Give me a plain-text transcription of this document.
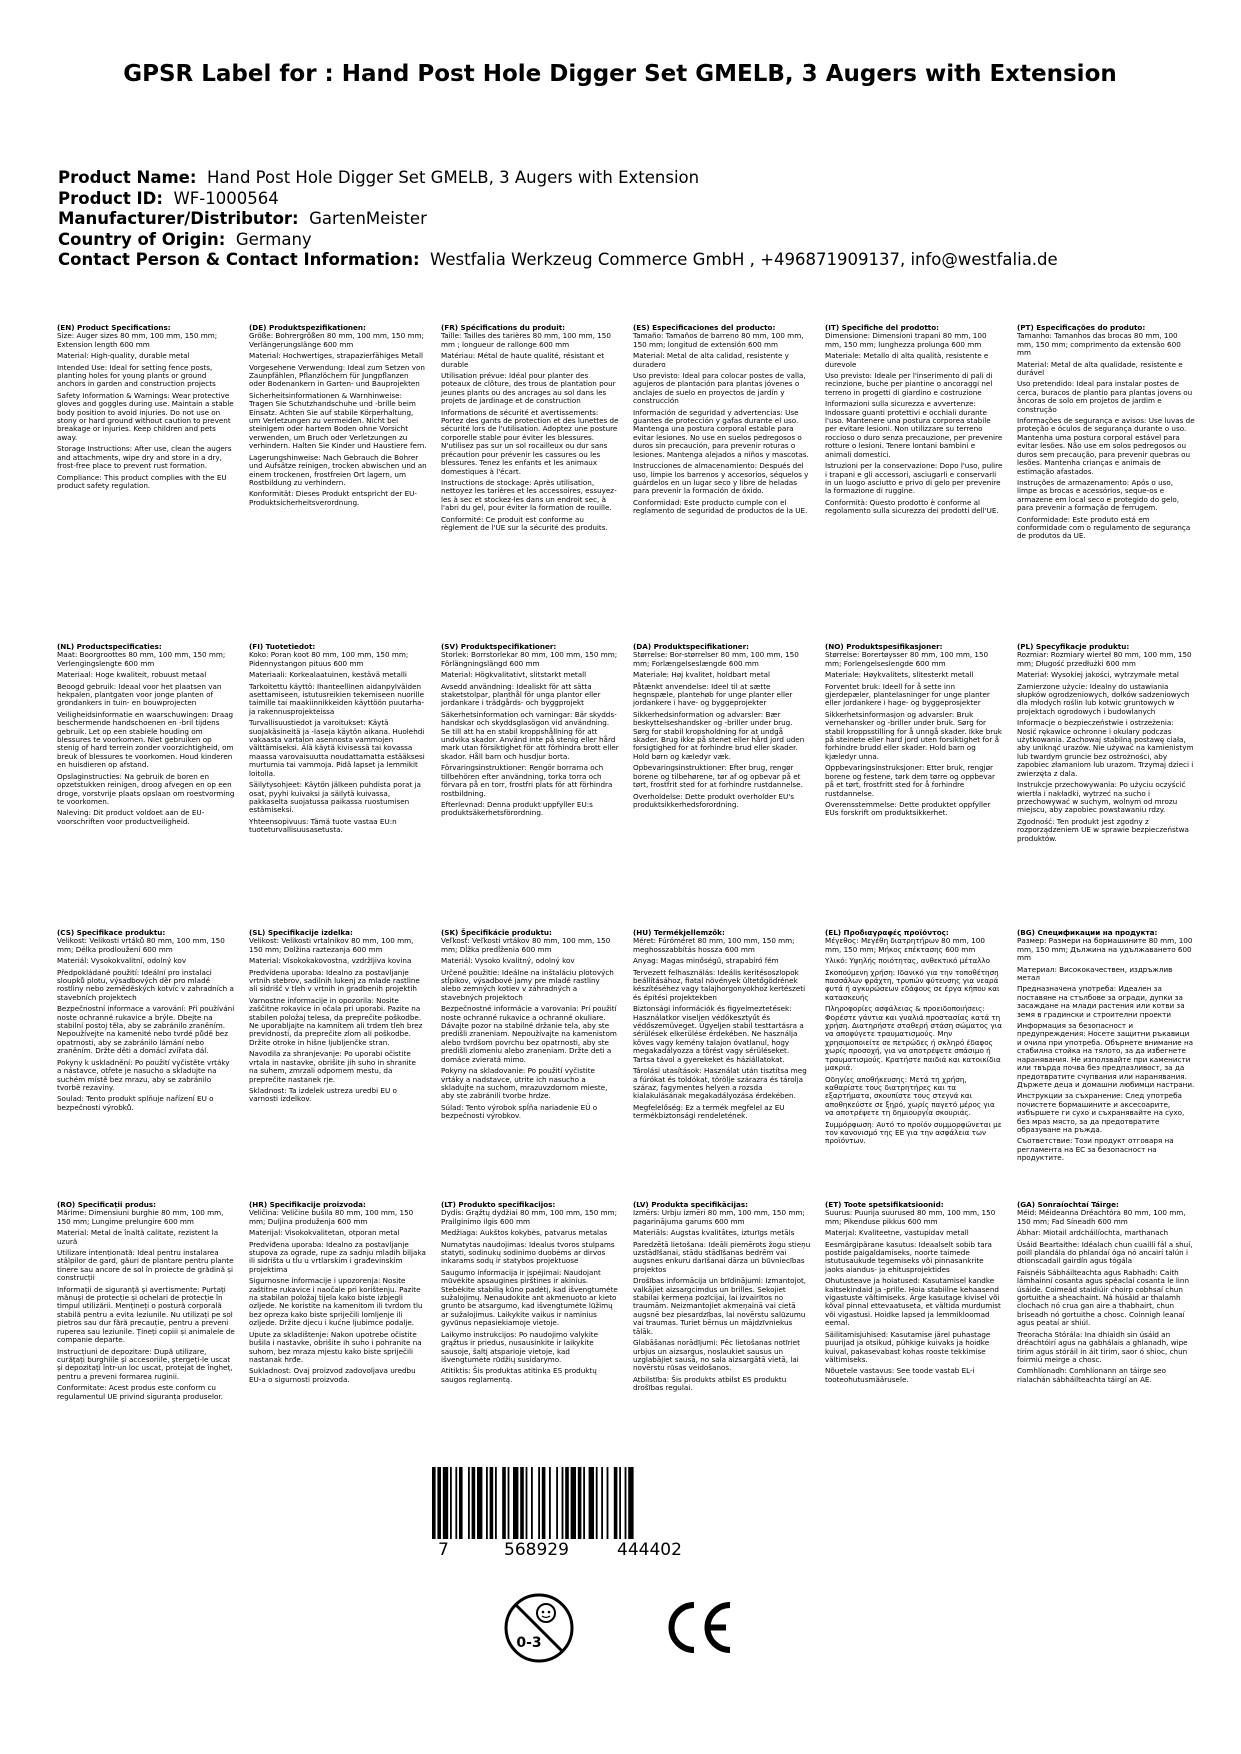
GPSR Label for : Hand Post Hole Digger Set GMELB, 3 Augers with Extension
Product Name: Hand Post Hole Digger Set GMELB, 3 Augers with Extension
Product ID: WF-1000564
Manufacturer/Distributor: GartenMeister
Country of Origin: Germany
Contact Person & Contact Information: Westfalia Werkzeug Commerce GmbH , +496871909137, info@westfalia.de
(EN) Product Specifications:

Size: Auger sizes 80 mm, 100 mm, 150 mm; Extension length 600 mm

Material: High-quality, durable metal

Intended Use: Ideal for setting fence posts, planting holes for young plants or ground anchors in garden and construction projects

Safety Information & Warnings: Wear protective gloves and goggles during use. Maintain a stable body position to avoid injuries. Do not use on stony or hard ground without caution to prevent breakage or injuries. Keep children and pets away.

Storage Instructions: After use, clean the augers and attachments, wipe dry and store in a dry, frost-free place to prevent rust formation.

Compliance: This product complies with the EU product safety regulation.

(DE) Produktspezifikationen:

Größe: Bohrergrößen 80 mm, 100 mm, 150 mm; Verlängerungslänge 600 mm

Material: Hochwertiges, strapazierfähiges Metall

Vorgesehene Verwendung: Ideal zum Setzen von Zaunpfählen, Pflanzlöchern für Jungpflanzen oder Bodenankern in Garten- und Bauprojekten

Sicherheitsinformationen & Warnhinweise: Tragen Sie Schutzhandschuhe und -brille beim Einsatz. Achten Sie auf stabile Körperhaltung, um Verletzungen zu vermeiden. Nicht bei steinigem oder hartem Boden ohne Vorsicht verwenden, um Bruch oder Verletzungen zu verhindern. Halten Sie Kinder und Haustiere fern.

Lagerungshinweise: Nach Gebrauch die Bohrer und Aufsätze reinigen, trocken abwischen und an einem trockenen, frostfreien Ort lagern, um Rostbildung zu verhindern.

Konformität: Dieses Produkt entspricht der EU-Produktsicherheitsverordnung.

(FR) Spécifications du produit:

Taille: Tailles des tarières 80 mm, 100 mm, 150 mm ; longueur de rallonge 600 mm

Matériau: Métal de haute qualité, résistant et durable

Utilisation prévue: Idéal pour planter des poteaux de clôture, des trous de plantation pour jeunes plants ou des ancrages au sol dans les projets de jardinage et de construction

Informations de sécurité et avertissements: Portez des gants de protection et des lunettes de sécurité lors de l'utilisation. Adoptez une posture corporelle stable pour éviter les blessures. N'utilisez pas sur un sol rocailleux ou dur sans précaution pour prévenir les cassures ou les blessures. Tenez les enfants et les animaux domestiques à l'écart.

Instructions de stockage: Après utilisation, nettoyez les tarières et les accessoires, essuyez-les à sec et stockez-les dans un endroit sec, à l'abri du gel, pour éviter la formation de rouille.

Conformité: Ce produit est conforme au règlement de l'UE sur la sécurité des produits.

(ES) Especificaciones del producto:

Tamaño: Tamaños de barreno 80 mm, 100 mm, 150 mm; longitud de extensión 600 mm

Material: Metal de alta calidad, resistente y duradero

Uso previsto: Ideal para colocar postes de valla, agujeros de plantación para plantas jóvenes o anclajes de suelo en proyectos de jardín y construcción

Información de seguridad y advertencias: Use guantes de protección y gafas durante el uso. Mantenga una postura corporal estable para evitar lesiones. No use en suelos pedregosos o duros sin precaución, para prevenir roturas o lesiones. Mantenga alejados a niños y mascotas.

Instrucciones de almacenamiento: Después del uso, limpie los barrenos y accesorios, séquelos y guárdelos en un lugar seco y libre de heladas para prevenir la formación de óxido.

Conformidad: Este producto cumple con el reglamento de seguridad de productos de la UE.

(IT) Specifiche del prodotto:

Dimensione: Dimensioni trapani 80 mm, 100 mm, 150 mm; lunghezza prolunga 600 mm

Materiale: Metallo di alta qualità, resistente e durevole

Uso previsto: Ideale per l'inserimento di pali di recinzione, buche per piantine o ancoraggi nel terreno in progetti di giardino e costruzione

Informazioni sulla sicurezza e avvertenze: Indossare guanti protettivi e occhiali durante l'uso. Mantenere una postura corporea stabile per evitare lesioni. Non utilizzare su terreno roccioso o duro senza precauzione, per prevenire rotture o lesioni. Tenere lontani bambini e animali domestici.

Istruzioni per la conservazione: Dopo l'uso, pulire i trapani e gli accessori, asciugarli e conservarli in un luogo asciutto e privo di gelo per prevenire la formazione di ruggine.

Conformità: Questo prodotto è conforme al regolamento sulla sicurezza dei prodotti dell'UE.

(PT) Especificações do produto:

Tamanho: Tamanhos das brocas 80 mm, 100 mm, 150 mm; comprimento da extensão 600 mm

Material: Metal de alta qualidade, resistente e durável

Uso pretendido: Ideal para instalar postes de cerca, buracos de plantio para plantas jovens ou âncoras de solo em projetos de jardim e construção

Informações de segurança e avisos: Use luvas de proteção e óculos de segurança durante o uso. Mantenha uma postura corporal estável para evitar lesões. Não use em solos pedregosos ou duros sem precaução, para prevenir quebras ou lesões. Mantenha crianças e animais de estimação afastados.

Instruções de armazenamento: Após o uso, limpe as brocas e acessórios, seque-os e armazene em local seco e protegido do gelo, para prevenir a formação de ferrugem.

Conformidade: Este produto está em conformidade com o regulamento de segurança de produtos da UE.

(NL) Productspecificaties:

Maat: Boorgroottes 80 mm, 100 mm, 150 mm; Verlengingslengte 600 mm

Materiaal: Hoge kwaliteit, robuust metaal

Beoogd gebruik: Ideaal voor het plaatsen van hekpalen, plantgaten voor jonge planten of grondankers in tuin- en bouwprojecten

Veiligheidsinformatie en waarschuwingen: Draag beschermende handschoenen en -bril tijdens gebruik. Let op een stabiele houding om blessures te voorkomen. Niet gebruiken op stenig of hard terrein zonder voorzichtigheid, om breuk of blessures te voorkomen. Houd kinderen en huisdieren op afstand.

Opslaginstructies: Na gebruik de boren en opzetstukken reinigen, droog afvegen en op een droge, vorstvrije plaats opslaan om roestvorming te voorkomen.

Naleving: Dit product voldoet aan de EU-voorschriften voor productveiligheid.

(FI) Tuotetiedot:

Koko: Poran koot 80 mm, 100 mm, 150 mm; Pidennystangon pituus 600 mm

Materiaali: Korkealaatuinen, kestävä metalli

Tarkoitettu käyttö: Ihanteellinen aidanpylväiden asettamiseen, istutusreikien tekemiseen nuorille taimille tai maakiinnikkeiden käyttöön puutarha- ja rakennusprojekteissa

Turvallisuustiedot ja varoitukset: Käytä suojakäsineitä ja -laseja käytön aikana. Huolehdi vakaasta vartalon asennosta vammojen välttämiseksi. Älä käytä kivisessä tai kovassa maassa varovaisuutta noudattamatta estääksesi murtumia tai vammoja. Pidä lapset ja lemmikit loitolla.

Säilytysohjeet: Käytön jälkeen puhdista porat ja osat, pyyhi kuivaksi ja säilytä kuivassa, pakkaselta suojatussa paikassa ruostumisen estämiseksi.

Yhteensopivuus: Tämä tuote vastaa EU:n tuoteturvallisuusasetusta.

(SV) Produktspecifikationer:

Storlek: Borrstorlekar 80 mm, 100 mm, 150 mm; Förlängningslängd 600 mm

Material: Högkvalitativt, slitstarkt metall

Avsedd användning: Idealiskt för att sätta staketstolpar, planthål för unga plantor eller jordankare i trädgårds- och byggprojekt

Säkerhetsinformation och varningar: Bär skydds-handskar och skyddsglasögon vid användning. Se till att ha en stabil kroppshållning för att undvika skador. Använd inte på stenig eller hård mark utan försiktighet för att förhindra brott eller skador. Håll barn och husdjur borta.

Förvaringsinstruktioner: Rengör borrarna och tillbehören efter användning, torka torra och förvara på en torr, frostfri plats för att förhindra rostbildning.

Efterlevnad: Denna produkt uppfyller EU:s produktsäkerhetsförordning.

(DA) Produktspecifikationer:

Størrelse: Bor-størrelser 80 mm, 100 mm, 150 mm; Forlængelseslængde 600 mm

Materiale: Høj kvalitet, holdbart metal

Påtænkt anvendelse: Ideel til at sætte hegnspæle, plantehøb for unge planter eller jordankere i have- og byggeprojekter

Sikkerhedsinformation og advarsler: Bær beskyttelseshandsker og -briller under brug. Sørg for stabil kropsholdning for at undgå skader. Brug ikke på stenet eller hård jord uden forsigtighed for at forhindre brud eller skader. Hold børn og kæledyr væk.

Opbevaringsinstruktioner: Efter brug, rengør borene og tilbehørene, tør af og opbevar på et tørt, frostfrit sted for at forhindre rustdannelse.

Overholdelse: Dette produkt overholder EU's produktsikkerhedsforordning.

(NO) Produktspesifikasjoner:

Størrelse: Borertøysser 80 mm, 100 mm, 150 mm; Forlengelseslengde 600 mm

Materiale: Høykvalitets, slitesterkt metall

Forventet bruk: Ideell for å sette inn gjerdepæler, plantelasninger for unge planter eller jordankere i hage- og byggeprosjekter

Sikkerhetsinformasjon og advarsler: Bruk vernehansker og -briller under bruk. Sørg for stabil kroppsstilling for å unngå skader. Ikke bruk på steinete eller hard jord uten forsiktighet for å forhindre brudd eller skader. Hold barn og kjæledyr unna.

Oppbevaringsinstruksjoner: Etter bruk, rengjør borene og festene, tørk dem tørre og oppbevar på et tørt, frostfritt sted for å forhindre rustdannelse.

Overensstemmelse: Dette produktet oppfyller EUs forskrift om produktsikkerhet.

(PL) Specyfikacje produktu:

Rozmiar: Rozmiary wierteł 80 mm, 100 mm, 150 mm; Długość przedłużki 600 mm

Materiał: Wysokiej jakości, wytrzymałe metal

Zamierzone użycie: Idealny do ustawiania słupków ogrodzeniowych, dołków sadzeniowych dla młodych roślin lub kotwic gruntowych w projektach ogrodowych i budowlanych

Informacje o bezpieczeństwie i ostrzeżenia: Nosić rękawice ochronne i okulary podczas użytkowania. Zachowaj stabilną postawę ciała, aby uniknąć urazów. Nie używać na kamienistym lub twardym gruncie bez ostrożności, aby zapobiec złamaniom lub urazom. Trzymaj dzieci i zwierzęta z dala.

Instrukcje przechowywania: Po użyciu oczyścić wiertła i nakładki, wytrzeć na sucho i przechowywać w suchym, wolnym od mrozu miejscu, aby zapobiec powstawaniu rdzy.

Zgodność: Ten produkt jest zgodny z rozporządzeniem UE w sprawie bezpieczeństwa produktów.

(CS) Specifikace produktu:

Velikost: Velikosti vrtáků 80 mm, 100 mm, 150 mm; Délka prodloužení 600 mm

Materiál: Vysokokvalitní, odolný kov

Předpokládané použití: Ideální pro instalaci sloupků plotu, výsadbových děr pro mladé rostliny nebo zeměděských kotvíc v zahradních a stavebních projektech

Bezpečnostní informace a varování: Při používání noste ochranné rukavice a brýle. Dbejte na stabilní postoj těla, aby se zabránilo zraněním. Nepoužívejte na kamenité nebo tvrdé půdě bez opatrnosti, aby se zabránilo lámání nebo zraněním. Držte děti a domácí zvířata dál.

Pokyny k uskladnění: Po použití vyčistěte vrtáky a nástavce, otřete je nasucho a skladujte na suchém místě bez mrazu, aby se zabránilo tvorbě rezaviny.

Soulad: Tento produkt splňuje nařízení EU o bezpečnosti výrobků.

(SL) Specifikacije izdelka:

Velikost: Velikosti vrtalnikov 80 mm, 100 mm, 150 mm; Dolžina raztezanja 600 mm

Material: Visokokakovostna, vzdržljiva kovina

Predvidena uporaba: Idealno za postavljanje vrtnih stebrov, sadilnih lukenj za mlade rastline ali sidrišč v tleh v vrtnih in gradbenih projektih

Varnostne informacije in opozorila: Nosite zaščitne rokavice in očala pri uporabi. Pazite na stabilen položaj telesa, da preprečite poškodbe. Ne uporabljajte na kamnitem ali trdem tleh brez previdnosti, da preprečite zlom ali poškodbe. Držite otroke in hišne ljubljenčke stran.

Navodila za shranjevanje: Po uporabi očistite vrtala in nastavke, obrišite jih suho in shranite na suhem, zmrzali odpornem mestu, da preprečite nastanek rje.

Skladnost: Ta izdelek ustreza uredbi EU o varnosti izdelkov.

(SK) Špecifikácie produktu:

Veľkosť: Veľkosti vrtákov 80 mm, 100 mm, 150 mm; Dĺžka predĺženia 600 mm

Materiál: Vysoko kvalitný, odolný kov

Určené použitie: Ideálne na inštaláciu plotových stĺpikov, výsadbové jamy pre mladé rastliny alebo zemných kotiev v záhradných a stavebných projektoch

Bezpečnostné informácie a varovania: Pri použití noste ochranné rukavice a ochranné okuliare. Dávajte pozor na stabilné držanie tela, aby ste predišli zraneniam. Nepoužívajte na kamenistom alebo tvrdšom povrchu bez opatrnosti, aby ste predišli zlomeniu alebo zraneniam. Držte deti a domáce zvieratá mimo.

Pokyny na skladovanie: Po použití vyčistite vrtáky a nadstavce, utrite ich nasucho a skladujte na suchom, mrazuvzdornom mieste, aby ste zabránili tvorbe hrdze.

Súlad: Tento výrobok spĺňa nariadenie EÚ o bezpečnosti výrobkov.

(HU) Termékjellemzők:

Méret: Fúróméret 80 mm, 100 mm, 150 mm; meghosszabbítás hossza 600 mm

Anyag: Magas minőségű, strapabíró fém

Tervezett felhasználás: Ideális kerítésoszlopok beállításához, fiatal növények ültetőgödrének készítéséhez vagy talajhorgonyokhoz kertészeti és építési projektekben

Biztonsági információk és figyelmeztetések: Használatkor viseljen védőkesztyűt és védőszemüveget. Ügyeljen stabil testtartásra a sérülések elkerülése érdekében. Ne használja köves vagy kemény talajon óvatlanul, hogy megakadályozza a törést vagy sérüléseket. Tartsa távol a gyerekeket és háziállatokat.

Tárolási utasítások: Használat után tisztítsa meg a fúrókat és toldókat, törölje szárazra és tárolja száraz, fagymentes helyen a rozsda kialakulásának megakadályozása érdekében.

Megfelelőség: Ez a termék megfelel az EU termékbiztonsági rendeletének.

(EL) Προδιαγραφές προϊόντος:

Μέγεθος: Μεγέθη διατρητήρων 80 mm, 100 mm, 150 mm; Μήκος επέκτασης 600 mm

Υλικό: Υψηλής ποιότητας, ανθεκτικό μέταλλο

Σκοπούμενη χρήση: Ιδανικό για την τοποθέτηση πασσάλων φράχτη, τρυπών φύτευσης για νεαρά φυτά ή αγκυρώσεων εδάφους σε έργα κήπου και κατασκευής

Πληροφορίες ασφάλειας & προειδοποιήσεις: Φορέστε γάντια και γυαλιά προστασίας κατά τη χρήση. Διατηρήστε σταθερή στάση σώματος για να αποφύγετε τραυματισμούς. Μην χρησιμοποιείτε σε πετρώδες ή σκληρό έδαφος χωρίς προσοχή, για να αποτρέψετε σπάσιμο ή τραυματισμούς. Κρατήστε παιδιά και κατοικίδια μακριά.

Οδηγίες αποθήκευσης: Μετά τη χρήση, καθαρίστε τους διατρητήρες και τα εξαρτήματα, σκουπίστε τους στεγνά και αποθηκεύστε σε ξηρό, χωρίς παγετό μέρος για να αποτρέψετε τη δημιουργία σκουριάς.

Συμμόρφωση: Αυτό το προϊόν συμμορφώνεται με τον κανονισμό της ΕΕ για την ασφάλεια των προϊόντων.

(BG) Спецификации на продукта:

Размер: Размери на бормашините 80 mm, 100 mm, 150 mm; Дължина на удължаването 600 mm

Материал: Висококачествен, издръжлив метал

Предназначена употреба: Идеален за поставяне на стълбове за огради, дупки за засаждане на млади растения или котви за земя в градински и строителни проекти

Информация за безопасност и предупреждения: Носете защитни ръкавици и очила при употреба. Обърнете внимание на стабилна стойка на тялото, за да избегнете наранявания. Не използвайте при каменисти или твърда почва без предпазливост, за да предотвратите счупвания или наранявания. Държете деца и домашни любимци настрани.

Инструкции за съхранение: След употреба почистете бормашините и аксесоарите, избършете ги сухо и съхранявайте на сухо, без мраз място, за да предотвратите образуване на ръжда.

Съответствие: Този продукт отговаря на регламента на ЕС за безопасност на продуктите.

(RO) Specificații produs:

Mărime: Dimensiuni burghie 80 mm, 100 mm, 150 mm; Lungime prelungire 600 mm

Material: Metal de înaltă calitate, rezistent la uzură

Utilizare intenționată: Ideal pentru instalarea stâlpilor de gard, găuri de plantare pentru plante tinere sau ancore de sol în proiecte de grădină și construcții

Informații de siguranță și avertismente: Purtați mănuși de protecție și ochelari de protecție în timpul utilizării. Mențineți o postură corporală stabilă pentru a evita leziunile. Nu utilizați pe sol pietros sau dur fără precauție, pentru a preveni ruperea sau leziunile. Țineți copiii și animalele de companie departe.

Instrucțiuni de depozitare: După utilizare, curățați burghiile și accesoriile, ștergeți-le uscat și depozitați într-un loc uscat, protejat de îngheț, pentru a preveni formarea ruginii.

Conformitate: Acest produs este conform cu regulamentul UE privind siguranța produselor.

(HR) Specifikacije proizvoda:

Veličina: Veličine bušila 80 mm, 100 mm, 150 mm; Duljina produženja 600 mm

Materijal: Visokokvalitetan, otporan metal

Predviđena uporaba: Idealno za postavljanje stupova za ograde, rupe za sadnju mladih biljaka ili sidrišta u tlu u vrtlarskim i građevinskim projektima

Sigurnosne informacije i upozorenja: Nosite zaštitne rukavice i naočale pri korištenju. Pazite na stabilan položaj tijela kako biste izbjegli ozljede. Ne koristite na kamenitom ili tvrdom tlu bez opreza kako biste spriječili lomljenje ili ozljede. Držite djecu i kućne ljubimce podalje.

Upute za skladištenje: Nakon upotrebe očistite bušila i nastavke, obrišite ih suho i pohranite na suhom, bez mraza mjestu kako biste spriječili nastanak hrđe.

Sukladnost: Ovaj proizvod zadovoljava uredbu EU-a o sigurnosti proizvoda.

(LT) Produkto specifikacijos:

Dydis: Grąžtų dydžiai 80 mm, 100 mm, 150 mm; Prailginimo ilgis 600 mm

Medžiaga: Aukštos kokybės, patvarus metalas

Numatytas naudojimas: Idealus tvoros stulpams statyti, sodinukų sodinimo duobėms ar dirvos inkarams sodų ir statybos projektuose

Saugumo informacija ir įspėjimai: Naudojant mūvėkite apsaugines pirštines ir akinius. Stebėkite stabilią kūno padėtį, kad išvengtumėte sužalojimų. Nenaudokite ant akmenuoto ar kieto grunto be atsargumo, kad išvengtumėte lūžimų ar sužalojimus. Laikykite vaikus ir naminius gyvūnus nepasiekiamoje vietoje.

Laikymo instrukcijos: Po naudojimo valykite grąžtus ir priedus, nusausinkite ir laikykite sausoje, šaltį atsparioje vietoje, kad išvengtumėte rūdžių susidarymo.

Atitiktis: Šis produktas atitinka ES produktų saugos reglamentą.

(LV) Produkta specifikācijas:

Izmērs: Urbju izmēri 80 mm, 100 mm, 150 mm; pagarinājuma garums 600 mm

Materiāls: Augstas kvalitātes, izturīgs metāls

Paredzētā lietošana: Ideāli piemērots žogu stieņu uzstādīšanai, stādu stādīšanas bedrēm vai augsnes enkuru darīšanai dārza un būvniecības projektos

Drošības informācija un brīdinājumi: Izmantojot, valkājiet aizsargcimdus un brilles. Sekojiet stabilai ķermeņa pozīcijai, lai izvairītos no traumām. Neizmantojiet akmeņainā vai cietā augsnē bez piesardzības, lai novērstu salūzumu vai traumas. Turiet bērnus un mājdzīvniekus tālāk.

Glabāšanas norādījumi: Pēc lietošanas notīriet urbjus un aizsargus, noslaukiet sausus un uzglabājiet sausā, no sala aizsargātā vietā, lai novērstu rūsas veidošanos.

Atbilstība: Šis produkts atbilst ES produktu drošības regulai.

(ET) Toote spetsifikatsioonid:

Suurus: Puurija suurused 80 mm, 100 mm, 150 mm; Pikenduse pikkus 600 mm

Materjal: Kvaliteetne, vastupidav metall

Eesmärgipärane kasutus: Ideaalselt sobib tara postide paigaldamiseks, noorte taimede istutusaukude tegemiseks või pinnasankrite jaoks aiandus- ja ehitusprojektides

Ohutusteave ja hoiatused: Kasutamisel kandke kaitsekindaid ja -prille. Hoia stabiilne kehaasend vigastuste vältimiseks. Ärge kasutage kivisel või kõval pinnal ettevaatuseta, et vältida murdumist või vigastusi. Hoidke lapsed ja lemmikloomad eemal.

Säilitamisjuhised: Kasutamise järel puhastage puurijad ja otsikud, pühkige kuivaks ja hoidke kuival, pakasevabast kohas rooste tekkimise vältimiseks.

Nõuetele vastavus: See toode vastab EL-i tooteohutusmäärusele.

(GA) Sonraíochtaí Táirge:

Méid: Méideanna Dréachtóra 80 mm, 100 mm, 150 mm; Fad Síneadh 600 mm

Ábhar: Miotail ardcháilíochta, marthanach

Úsáid Beartaithe: Idéalach chun cuaillí fál a shuí, poill plandála do phlandaí óga nó ancairí talún i dtionscadail gairdín agus tógála

Faisnéis Sábháilteachta agus Rabhadh: Caith lámhainní cosanta agus spéaclaí cosanta le linn úsáide. Coimeád staidiúir choirp cobhsaí chun gortuithe a sheachaint. Ná húsáid ar thalamh clochach nó crua gan aire a thabhairt, chun briseadh nó gortuithe a chosc. Coinnigh leanaí agus peataí ar shiúl.

Treoracha Stórála: Ina dhiaidh sin úsáid an dréachtóirí agus na gabhálais a ghlanadh, wipe tirim agus stóráil in áit tirim, saor ó shioc, chun foirmiú meirge a chosc.

Comhlíonadh: Comhlíonann an táirge seo rialachán sábháilteachta táirgí an AE.

7	568929	444402
0-3
